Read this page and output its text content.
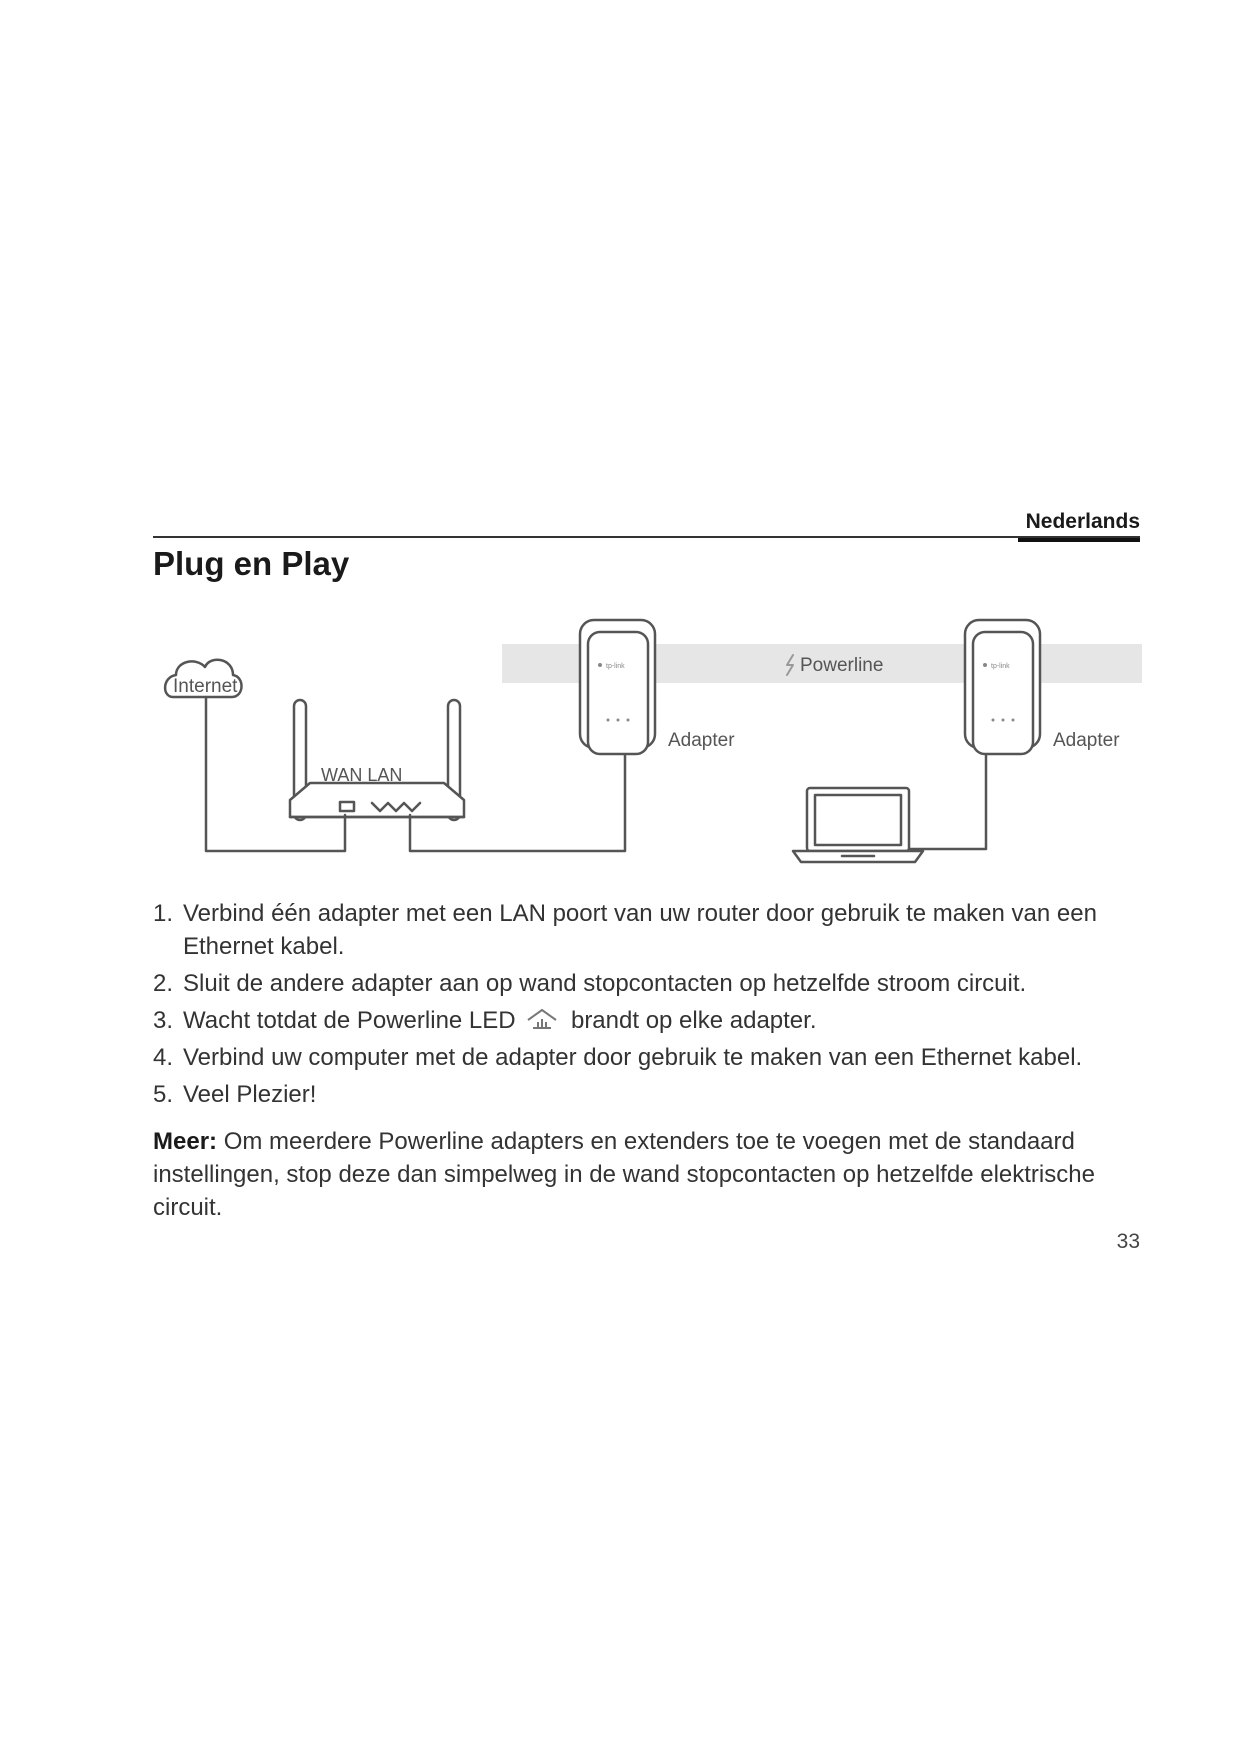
Nederlands
Plug en Play
Powerline
Internet
WAN LAN
tp-link
Adapter
tp-link
Adapter
1. Verbind één adapter met een LAN poort van uw router door gebruik te maken van een Ethernet kabel.
2. Sluit de andere adapter aan op wand stopcontacten op hetzelfde stroom circuit.
3. Wacht totdat de Powerline LED brandt op elke adapter.
4. Verbind uw computer met de adapter door gebruik te maken van een Ethernet kabel.
5. Veel Plezier!
Meer: Om meerdere Powerline adapters en extenders toe te voegen met de standaard instellingen, stop deze dan simpelweg in de wand stopcontacten op hetzelfde elektrische circuit.
33
